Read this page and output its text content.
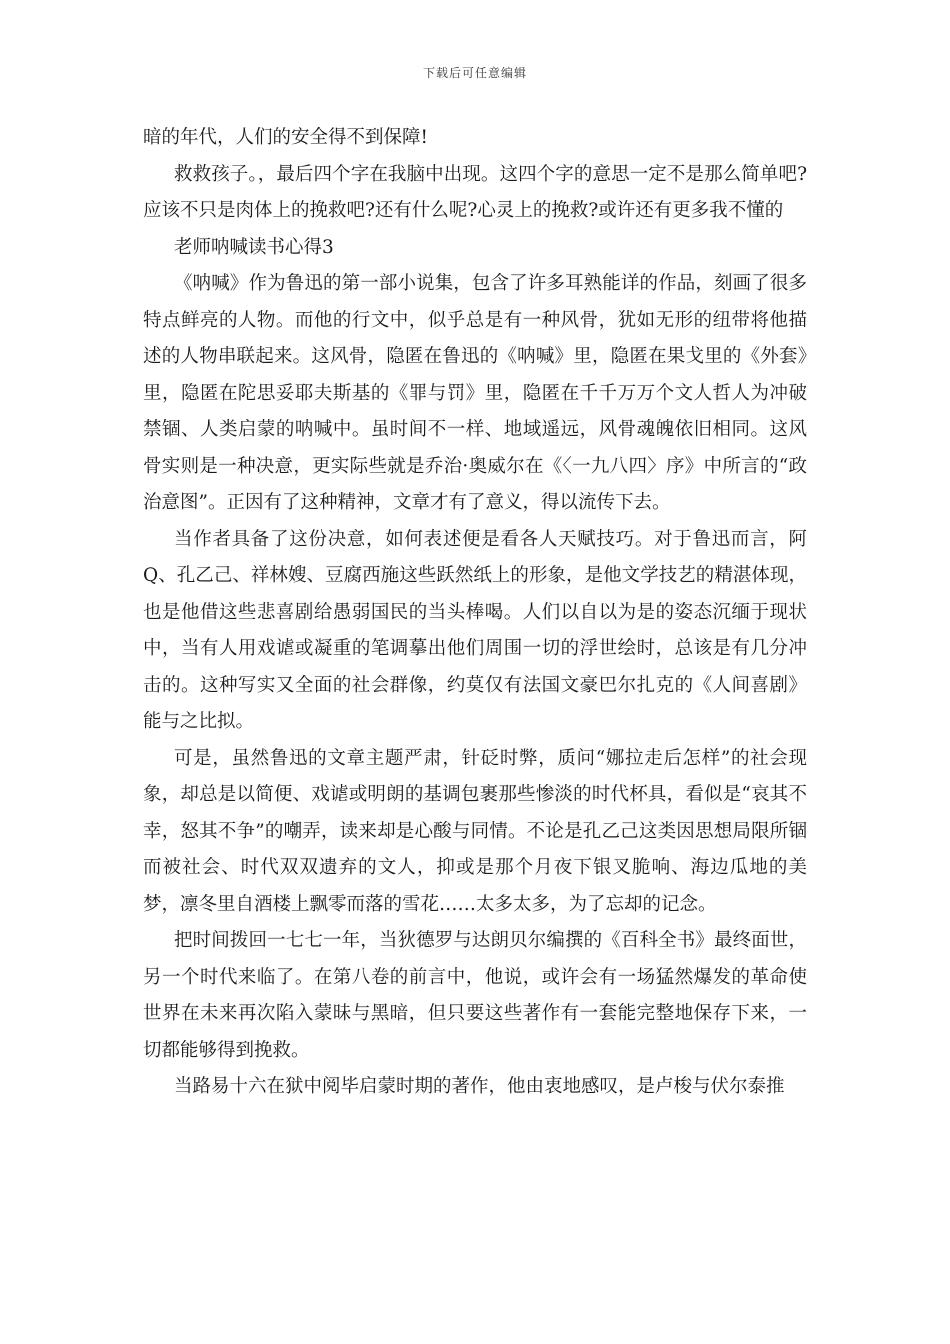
下载后可任意编辑

暗的年代，人们的安全得不到保障!

救救孩子。，最后四个字在我脑中出现。这四个字的意思一定不是那么简单吧?应该不只是肉体上的挽救吧?还有什么呢?心灵上的挽救?或许还有更多我不懂的

老师呐喊读书心得3

《呐喊》作为鲁迅的第一部小说集，包含了许多耳熟能详的作品，刻画了很多特点鲜亮的人物。而他的行文中，似乎总是有一种风骨，犹如无形的纽带将他描述的人物串联起来。这风骨，隐匿在鲁迅的《呐喊》里，隐匿在果戈里的《外套》里，隐匿在陀思妥耶夫斯基的《罪与罚》里，隐匿在千千万万个文人哲人为冲破禁锢、人类启蒙的呐喊中。虽时间不一样、地域遥远，风骨魂魄依旧相同。这风骨实则是一种决意，更实际些就是乔治·奥威尔在《〈一九八四〉序》中所言的“政治意图”。正因有了这种精神，文章才有了意义，得以流传下去。

当作者具备了这份决意，如何表述便是看各人天赋技巧。对于鲁迅而言，阿Q、孔乙己、祥林嫂、豆腐西施这些跃然纸上的形象，是他文学技艺的精湛体现，也是他借这些悲喜剧给愚弱国民的当头棒喝。人们以自以为是的姿态沉缅于现状中，当有人用戏谑或凝重的笔调摹出他们周围一切的浮世绘时，总该是有几分冲击的。这种写实又全面的社会群像，约莫仅有法国文豪巴尔扎克的《人间喜剧》能与之比拟。

可是，虽然鲁迅的文章主题严肃，针砭时弊，质问“娜拉走后怎样”的社会现象，却总是以简便、戏谑或明朗的基调包裹那些惨淡的时代杯具，看似是“哀其不幸，怒其不争”的嘲弄，读来却是心酸与同情。不论是孔乙己这类因思想局限所锢而被社会、时代双双遗弃的文人，抑或是那个月夜下银叉脆响、海边瓜地的美梦，凛冬里自酒楼上飘零而落的雪花……太多太多，为了忘却的记念。

把时间拨回一七七一年，当狄德罗与达朗贝尔编撰的《百科全书》最终面世，另一个时代来临了。在第八卷的前言中，他说，或许会有一场猛然爆发的革命使世界在未来再次陷入蒙昧与黑暗，但只要这些著作有一套能完整地保存下来，一切都能够得到挽救。

当路易十六在狱中阅毕启蒙时期的著作，他由衷地感叹，是卢梭与伏尔泰推
